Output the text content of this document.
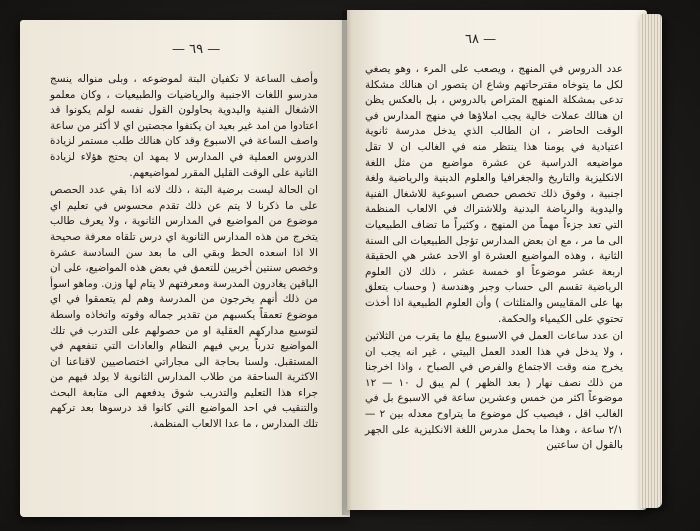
— ٦٩ —

وأصف الساعة لا تكفيان البتة لموضوعه ، وبلى منواله ينسج مدرسو اللغات الاجنبية والرياضيات والطبيعيات ، وكان معلمو الاشغال الفنية واليدوية يحاولون القول نفسه لولم يكونوا قد اعتادوا من امد غير بعيد ان يكتفوا مجصتين اي لا أكثر من ساعة واصف الساعة في الاسبوع وقد كان هنالك طلب مستمر لزيادة الدروس العملية في المدارس لا يمهد ان يحتج هؤلاء لزيادة الثانية على الوقت القليل المقرر لمواضيعهم.

ان الحالة ليست برضية البتة ، ذلك لانه اذا بقي عدد الحصص على ما ذكرنا لا يتم عن ذلك تقدم محسوس في تعليم اي موضوع من المواضيع في المدارس الثانوية ، ولا يعرف طالب يتخرج من هذه المدارس الثانوية اي درس تلقاه معرفة صحيحة الا اذا اسعده الحظ وبقي الى ما بعد سن السادسة عشرة وخصص سنتين أخريين للتعمق في بعض هذه المواضيع، على ان الباقين يغادرون المدرسة ومعرفتهم لا يتام لها وزن. وماهو اسوأ من ذلك أنهم يخرجون من المدرسة وهم لم يتعمقوا في اي موضوع تعمقاً يكسبهم من تقدير جماله وقوته واتخاذه واسطة لتوسيع مداركهم العقلية او من حصولهم على التدرب في تلك المواضيع تدرباً يربي فيهم النظام والعادات التي تنفعهم في المستقبل. ولسنا بحاجة الى مجاراتي اختصاصيين لاقناعنا ان الاكثرية الساحقة من طلاب المدارس الثانوية لا يولد فيهم من جراء هذا التعليم والتدريب شوق يدفعهم الى متابعة البحث والتنقيب في احد المواضيع التي كانوا قد درسوها بعد تركهم تلك المدارس ، ما عدا الالعاب المنظمة.

٦٨ —

عدد الدروس في المنهج ، ويصعب على المرء ، وهو يصغي لكل ما يتوخاه مقترحاتهم وشاع ان يتصور ان هنالك مشكلة تدعى بمشكلة المنهج المتراص بالدروس ، بل بالعكس يظن ان هنالك عملات خالية يجب املاؤها في منهج المدارس في الوقت الحاضر ، ان الطالب الذي يدخل مدرسة ثانوية اعتيادية في يومنا هذا ينتظر منه في الغالب ان لا تقل مواضيعه الدراسية عن عشرة مواضيع من مثل اللغة الانكليزية والتاريخ والجغرافيا والعلوم الدينية والرياضية ولغة اجنبية ، وفوق ذلك تخصص حصص اسبوعية للاشغال الفنية واليدوية والرياضة البدنية وللاشتراك في الالعاب المنظمة التي تعد جزءاً مهماً من المنهج ، وكثيراً ما تضاف الطبيعيات الى ما مر ، مع ان بعض المدارس تؤجل الطبيعيات الى السنة الثانية ، وهذه المواضيع العشرة او الاحد عشر هي الحقيقة اربعة عشر موضوعاً او خمسة عشر ، ذلك لان العلوم الرياضية تقسم الى حساب وجبر وهندسة ( وحساب يتعلق بها على المقاييس والمثلثات ) وأن العلوم الطبيعية اذا أخذت تحتوي على الكيمياء والحكمة.

ان عدد ساعات العمل في الاسبوع يبلغ ما يقرب من الثلاثين ، ولا يدخل في هذا العدد العمل البيتي ، غير انه يجب ان يخرج منه وقت الاجتماع والفرص في الصباح ، واذا اخرجنا من ذلك نصف نهار ( بعد الظهر ) لم يبق ل ١٠ — ١٢ موضوعاً اكثر من خمس وعشرين ساعة في الاسبوع بل في الغالب اقل ، فيصيب كل موضوع ما يتراوح معدله بين ٢ — ٢/١ ساعة ، وهذا ما يحمل مدرس اللغة الانكليزية على الجهر بالقول ان ساعتين
